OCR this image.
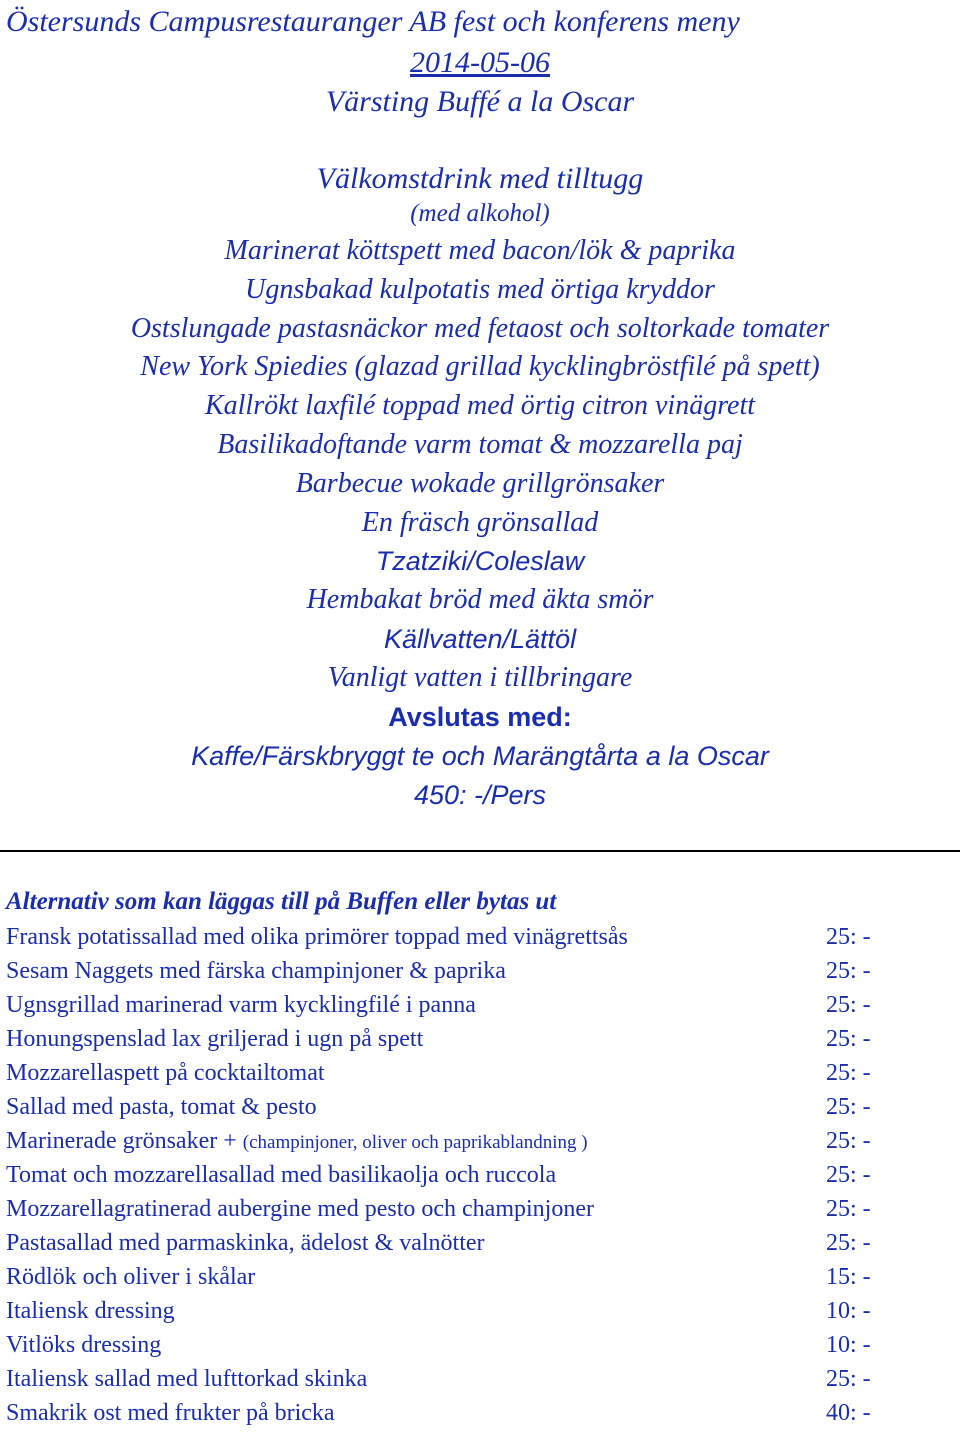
Östersunds Campusrestauranger AB fest och konferens meny
2014-05-06
Värsting Buffé a la Oscar
Välkomstdrink med tilltugg
(med alkohol)
Marinerat köttspett med bacon/lök & paprika
Ugnsbakad kulpotatis med örtiga kryddor
Ostslungade pastasnäckor med fetaost och soltorkade tomater
New York Spiedies (glazad grillad kycklingbröstfilé på spett)
Kallrökt laxfilé toppad med örtig citron vinägrett
Basilikadoftande varm tomat & mozzarella paj
Barbecue wokade grillgrönsaker
En fräsch grönsallad
Tzatziki/Coleslaw
Hembakat bröd med äkta smör
Källvatten/Lättöl
Vanligt vatten i tillbringare
Avslutas med:
Kaffe/Färskbryggt te och Marängtårta a la Oscar
450: -/Pers
Alternativ som kan läggas till på Buffen eller bytas ut
Fransk potatissallad med olika primörer toppad med vinägrettsås	25: -
Sesam Naggets med färska champinjoner & paprika	25: -
Ugnsgrillad marinerad varm kycklingfilé i panna	25: -
Honungspenslad lax griljerad i ugn på spett	25: -
Mozzarellaspett på cocktailtomat	25: -
Sallad med pasta, tomat & pesto	25: -
Marinerade grönsaker + (champinjoner, oliver och paprikablandning )	25: -
Tomat och mozzarellasallad med basilikaolja och ruccola	25: -
Mozzarellagratinerad aubergine med pesto och champinjoner	25: -
Pastasallad med parmaskinka, ädelost & valnötter	25: -
Rödlök och oliver i skålar	15: -
Italiensk dressing	10: -
Vitlöks dressing	10: -
Italiensk sallad med lufttorkad skinka	25: -
Smakrik ost med frukter på bricka	40: -
